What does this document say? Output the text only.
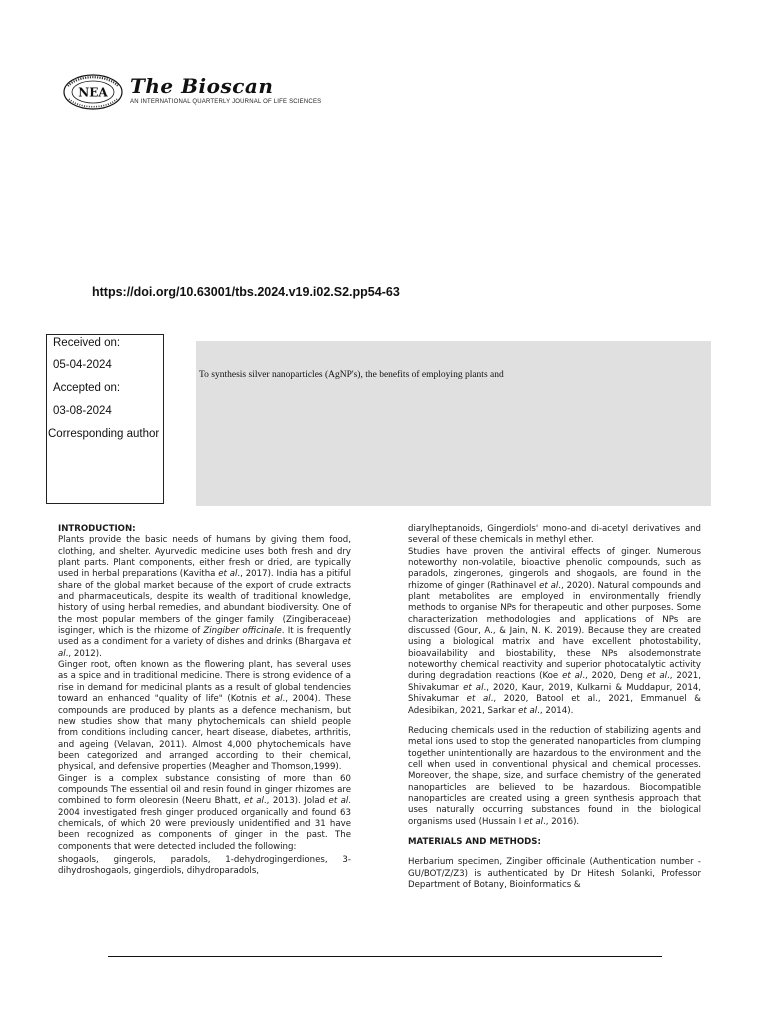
NEA The Bioscan
AN INTERNATIONAL QUARTERLY JOURNAL OF LIFE SCIENCES
https://doi.org/10.63001/tbs.2024.v19.i02.S2.pp54-63
Received on:
05-04-2024
Accepted on:
03-08-2024
Corresponding author
To synthesis silver nanoparticles (AgNP's), the benefits of employing plants and

INTRODUCTION:

Plants provide the basic needs of humans by giving them food, clothing, and shelter. Ayurvedic medicine uses both fresh and dry plant parts. Plant components, either fresh or dried, are typically used in herbal preparations (Kavitha et al., 2017). India has a pitiful share of the global market because of the export of crude extracts and pharmaceuticals, despite its wealth of traditional knowledge, history of using herbal remedies, and abundant biodiversity. One of the most popular members of the ginger family  (Zingiberaceae) isginger, which is the rhizome of Zingiber officinale. It is frequently used as a condiment for a variety of dishes and drinks (Bhargava et al., 2012).

Ginger root, often known as the flowering plant, has several uses as a spice and in traditional medicine. There is strong evidence of a rise in demand for medicinal plants as a result of global tendencies toward an enhanced "quality of life" (Kotnis et al., 2004). These compounds are produced by plants as a defence mechanism, but new studies show that many phytochemicals can shield people from conditions including cancer, heart disease, diabetes, arthritis, and ageing (Velavan, 2011). Almost 4,000 phytochemicals have been categorized and arranged according to their chemical, physical, and defensive properties (Meagher and Thomson,1999).

Ginger is a complex substance consisting of more than 60 compounds The essential oil and resin found in ginger rhizomes are combined to form oleoresin (Neeru Bhatt, et al., 2013). Jolad et al. 2004 investigated fresh ginger produced organically and found 63 chemicals, of which 20 were previously unidentified and 31 have been recognized as components of ginger in the past. The components that were detected included the following:

shogaols, gingerols, paradols, 1-dehydrogingerdiones, 3-dihydroshogaols, gingerdiols, dihydroparadols,

diarylheptanoids, Gingerdiols' mono-and di-acetyl derivatives and several of these chemicals in methyl ether.

Studies have proven the antiviral effects of ginger. Numerous noteworthy non-volatile, bioactive phenolic compounds, such as paradols, zingerones, gingerols and shogaols, are found in the rhizome of ginger (Rathinavel et al., 2020). Natural compounds and plant metabolites are employed in environmentally friendly methods to organise NPs for therapeutic and other purposes. Some characterization methodologies and applications of NPs are discussed (Gour, A., & Jain, N. K. 2019). Because they are created using a biological matrix and have excellent photostability, bioavailability and biostability, these NPs alsodemonstrate noteworthy chemical reactivity and superior photocatalytic activity during degradation reactions (Koe et al., 2020, Deng et al., 2021, Shivakumar et al., 2020, Kaur, 2019, Kulkarni & Muddapur, 2014, Shivakumar et al., 2020, Batool et al., 2021, Emmanuel & Adesibikan, 2021, Sarkar et al., 2014).

Reducing chemicals used in the reduction of stabilizing agents and metal ions used to stop the generated nanoparticles from clumping together unintentionally are hazardous to the environment and the cell when used in conventional physical and chemical processes. Moreover, the shape, size, and surface chemistry of the generated nanoparticles are believed to be hazardous. Biocompatible nanoparticles are created using a green synthesis approach that uses naturally occurring substances found in the biological organisms used (Hussain I et al., 2016).

MATERIALS AND METHODS:

Herbarium specimen, Zingiber officinale (Authentication number - GU/BOT/Z/Z3) is authenticated by Dr Hitesh Solanki, Professor Department of Botany, Bioinformatics &
